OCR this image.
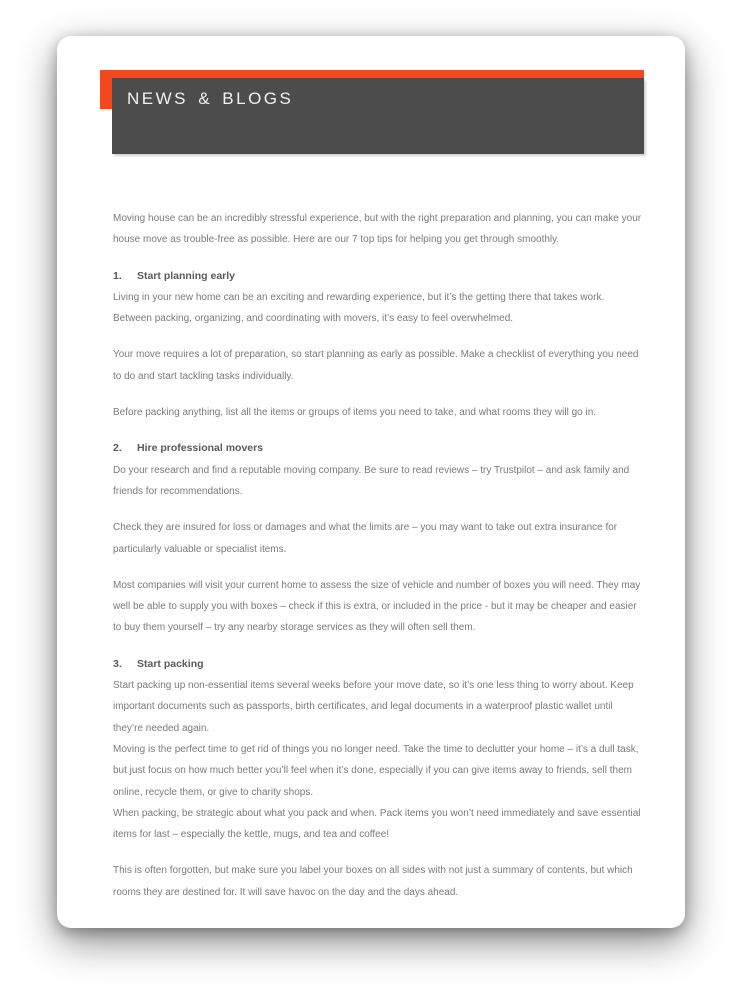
NEWS & BLOGS

Moving house can be an incredibly stressful experience, but with the right preparation and planning, you can make your house move as trouble-free as possible. Here are our 7 top tips for helping you get through smoothly.

1. Start planning early

Living in your new home can be an exciting and rewarding experience, but it’s the getting there that takes work. Between packing, organizing, and coordinating with movers, it’s easy to feel overwhelmed.

Your move requires a lot of preparation, so start planning as early as possible. Make a checklist of everything you need to do and start tackling tasks individually.

Before packing anything, list all the items or groups of items you need to take, and what rooms they will go in.

2. Hire professional movers

Do your research and find a reputable moving company. Be sure to read reviews – try Trustpilot – and ask family and friends for recommendations.

Check they are insured for loss or damages and what the limits are – you may want to take out extra insurance for particularly valuable or specialist items.

Most companies will visit your current home to assess the size of vehicle and number of boxes you will need. They may well be able to supply you with boxes – check if this is extra, or included in the price - but it may be cheaper and easier to buy them yourself – try any nearby storage services as they will often sell them.

3. Start packing

Start packing up non-essential items several weeks before your move date, so it’s one less thing to worry about. Keep important documents such as passports, birth certificates, and legal documents in a waterproof plastic wallet until they’re needed again.

Moving is the perfect time to get rid of things you no longer need. Take the time to declutter your home – it’s a dull task, but just focus on how much better you’ll feel when it’s done, especially if you can give items away to friends, sell them online, recycle them, or give to charity shops.

When packing, be strategic about what you pack and when. Pack items you won’t need immediately and save essential items for last – especially the kettle, mugs, and tea and coffee!

This is often forgotten, but make sure you label your boxes on all sides with not just a summary of contents, but which rooms they are destined for. It will save havoc on the day and the days ahead.
